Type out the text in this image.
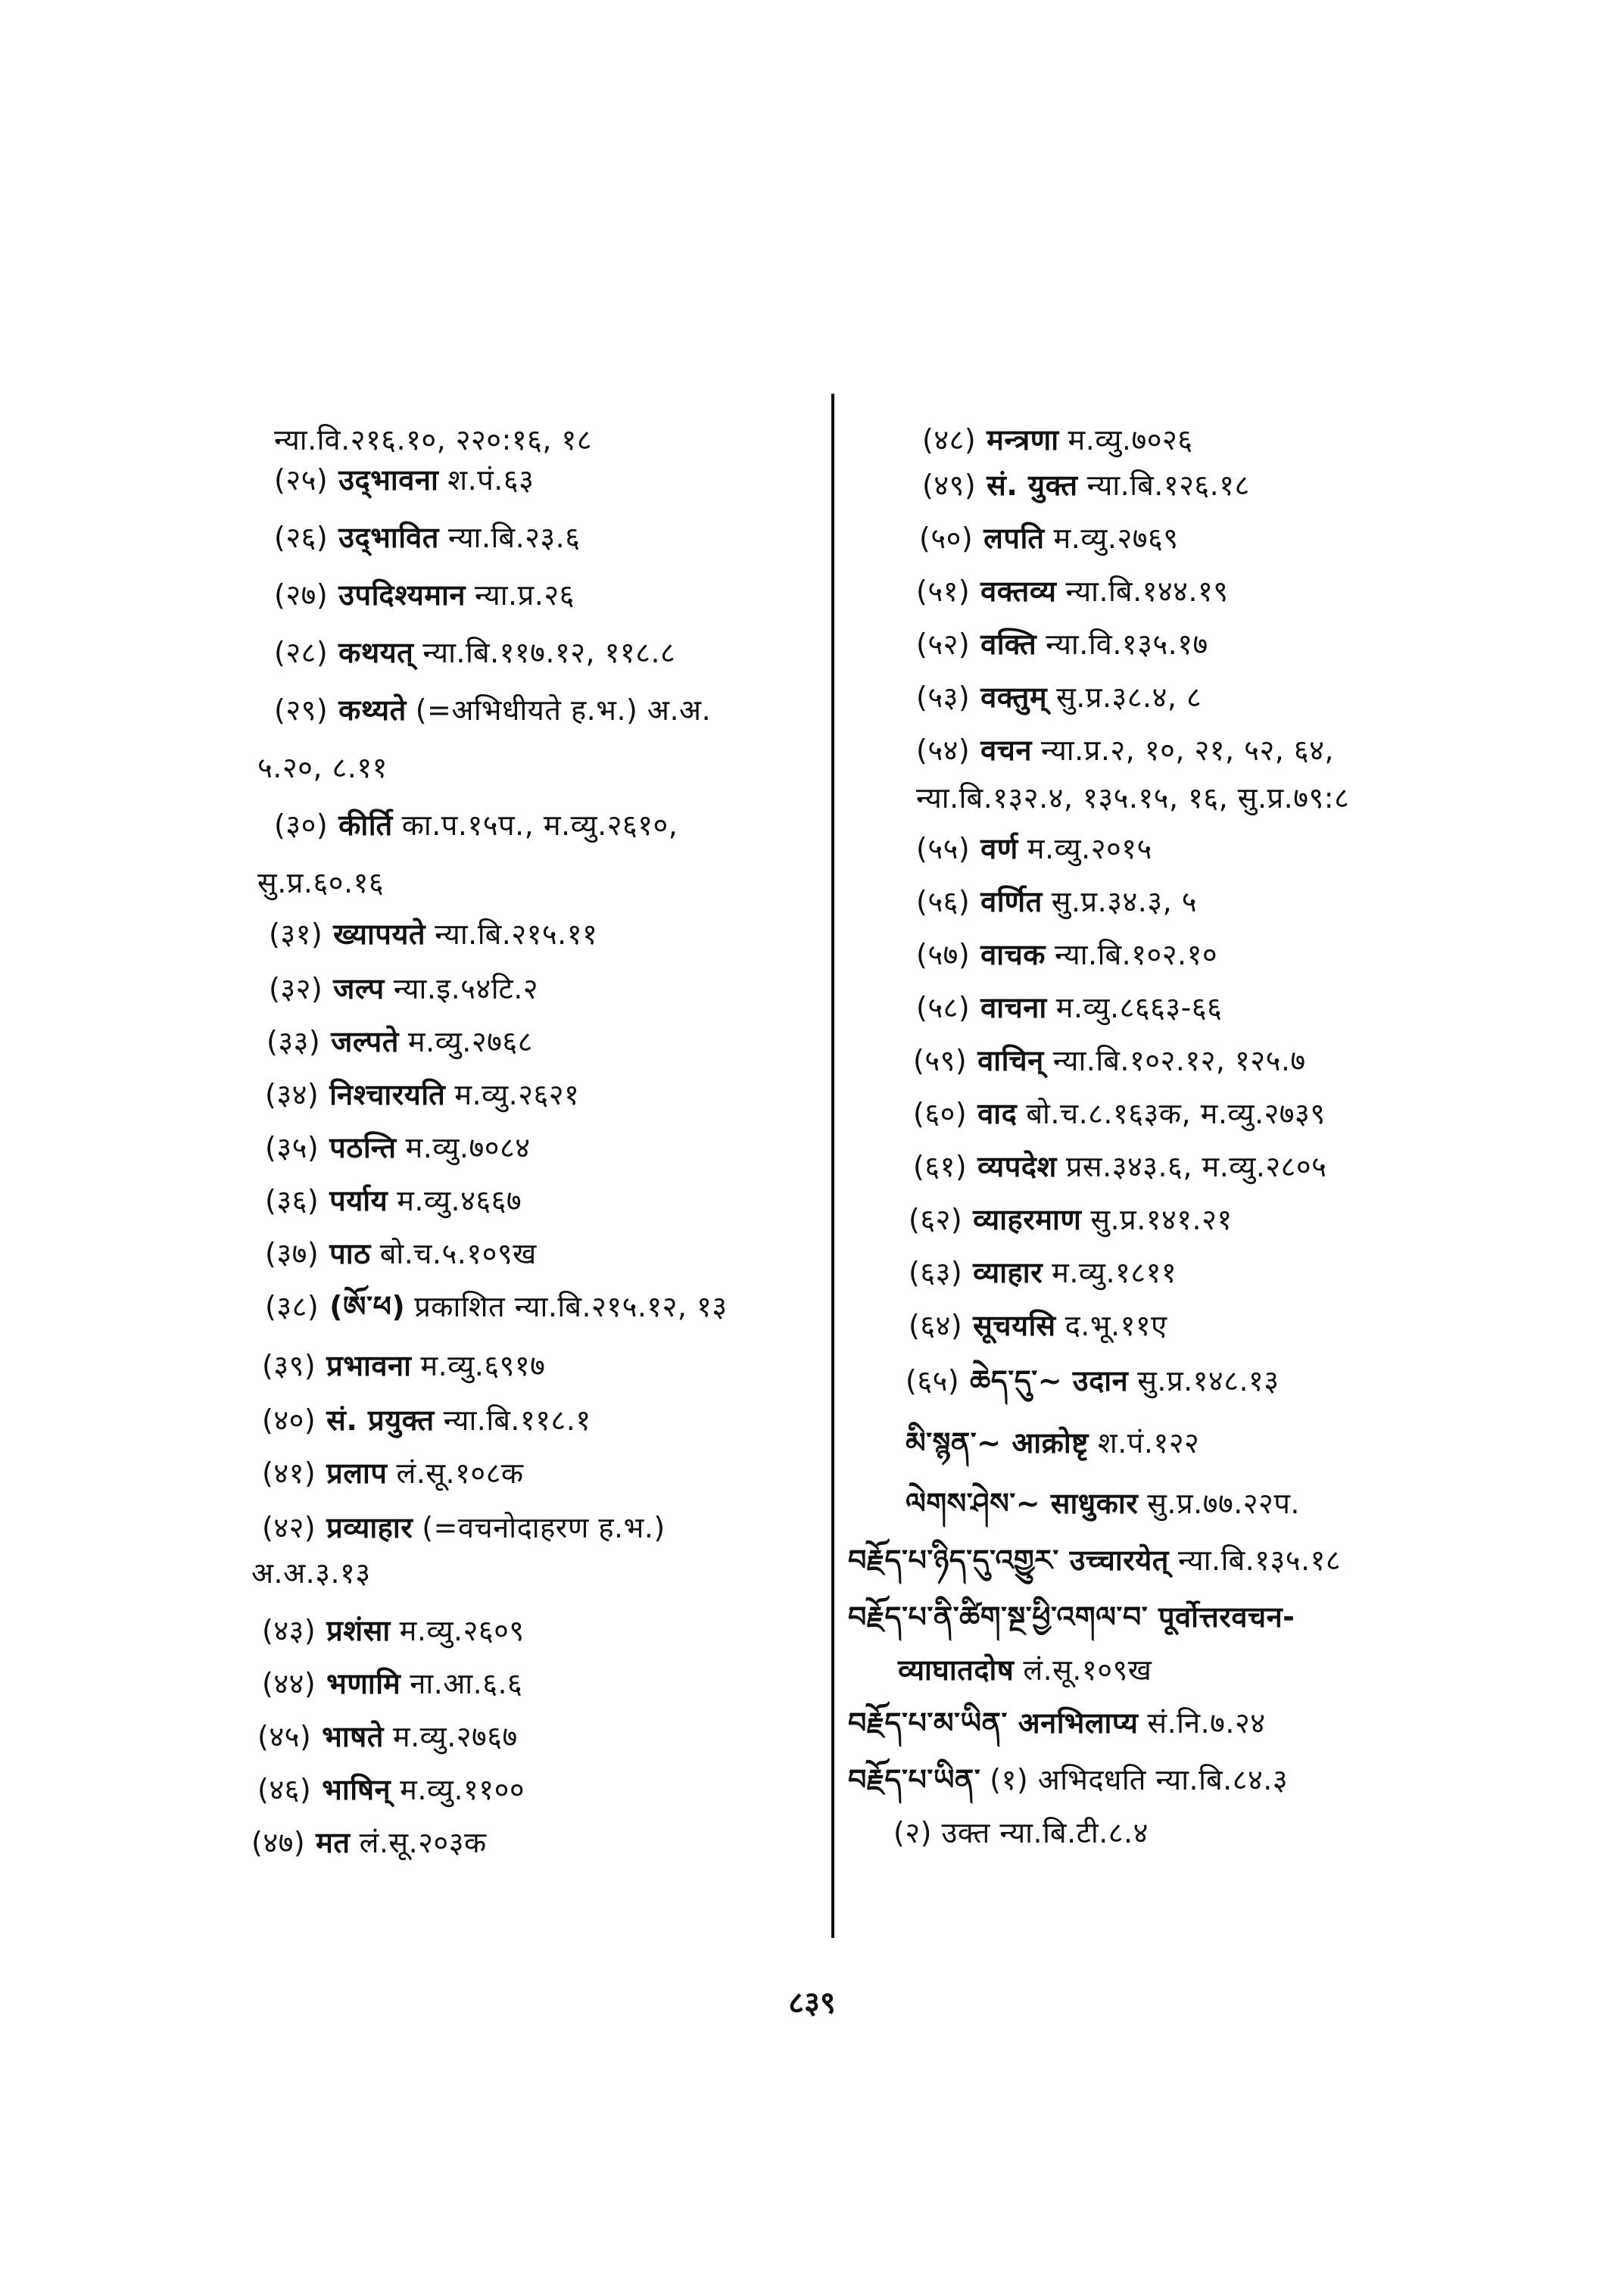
न्या.वि.२१६.१०, २२०:१६, १८
(२५) उद्‌भावना श.पं.६३
(२६) उद्‌भावित न्या.बि.२३.६
(२७) उपदिश्यमान न्या.प्र.२६
(२८) कथयत् न्या.बि.११७.१२, ११८.८
(२९) कथ्यते (=अभिधीयते ह.भ.) अ.अ.
५.२०, ८.११
(३०) कीर्ति का.प.१५प., म.व्यु.२६१०,
सु.प्र.६०.१६
(३१) ख्यापयते न्या.बि.२१५.११
(३२) जल्प न्या.इ.५४टि.२
(३३) जल्पते म.व्यु.२७६८
(३४) निश्चारयति म.व्यु.२६२१
(३५) पठन्ति म.व्यु.७०८४
(३६) पर्याय म.व्यु.४६६७
(३७) पाठ बो.च.५.१०९ख
(३८) (ཨོ་ཕ) प्रकाशित न्या.बि.२१५.१२, १३
(३९) प्रभावना म.व्यु.६९१७
(४०) सं. प्रयुक्त न्या.बि.११८.१
(४१) प्रलाप लं.सू.१०८क
(४२) प्रव्याहार (=वचनोदाहरण ह.भ.)
अ.अ.३.१३
(४३) प्रशंसा म.व्यु.२६०९
(४४) भणामि ना.आ.६.६
(४५) भाषते म.व्यु.२७६७
(४६) भाषिन् म.व्यु.११००
(४७) मत लं.सू.२०३क
(४८) मन्त्रणा म.व्यु.७०२६
(४९) सं. युक्त न्या.बि.१२६.१८
(५०) लपति म.व्यु.२७६९
(५१) वक्तव्य न्या.बि.१४४.१९
(५२) वक्ति न्या.वि.१३५.१७
(५३) वक्तुम् सु.प्र.३८.४, ८
(५४) वचन न्या.प्र.२, १०, २१, ५२, ६४,
न्या.बि.१३२.४, १३५.१५, १६, सु.प्र.७९:८
(५५) वर्ण म.व्यु.२०१५
(५६) वर्णित सु.प्र.३४.३, ५
(५७) वाचक न्या.बि.१०२.१०
(५८) वाचना म.व्यु.८६६३-६६
(५९) वाचिन् न्या.बि.१०२.१२, १२५.७
(६०) वाद बो.च.८.१६३क, म.व्यु.२७३९
(६१) व्यपदेश प्रस.३४३.६, म.व्यु.२८०५
(६२) व्याहरमाण सु.प्र.१४१.२१
(६३) व्याहार म.व्यु.१८११
(६४) सूचयसि द.भू.११ए
(६५) ཆེད་དུ་~ उदान सु.प्र.१४८.१३
མི་སྙན་~ आक्रोष्टृ श.पं.१२२
ལེགས་ཤེས་~ साधुकार सु.प्र.७७.२२प.
བརྗོད་པ་ཉིད་དུ་འགྱུར་ उच्चारयेत् न्या.बि.१३५.१८
བརྗོད་པ་ནི་ཚིག་སྔ་ཕྱི་འགལ་བ་ पूर्वोत्तरवचन-
व्याघातदोष लं.सू.१०९ख
བརྗོད་པ་མ་ཡིན་ अनभिलाप्य सं.नि.७.२४
བརྗོད་པ་ཡིན་ (१) अभिदधति न्या.बि.८४.३
(२) उक्त न्या.बि.टी.८.४
८३९
